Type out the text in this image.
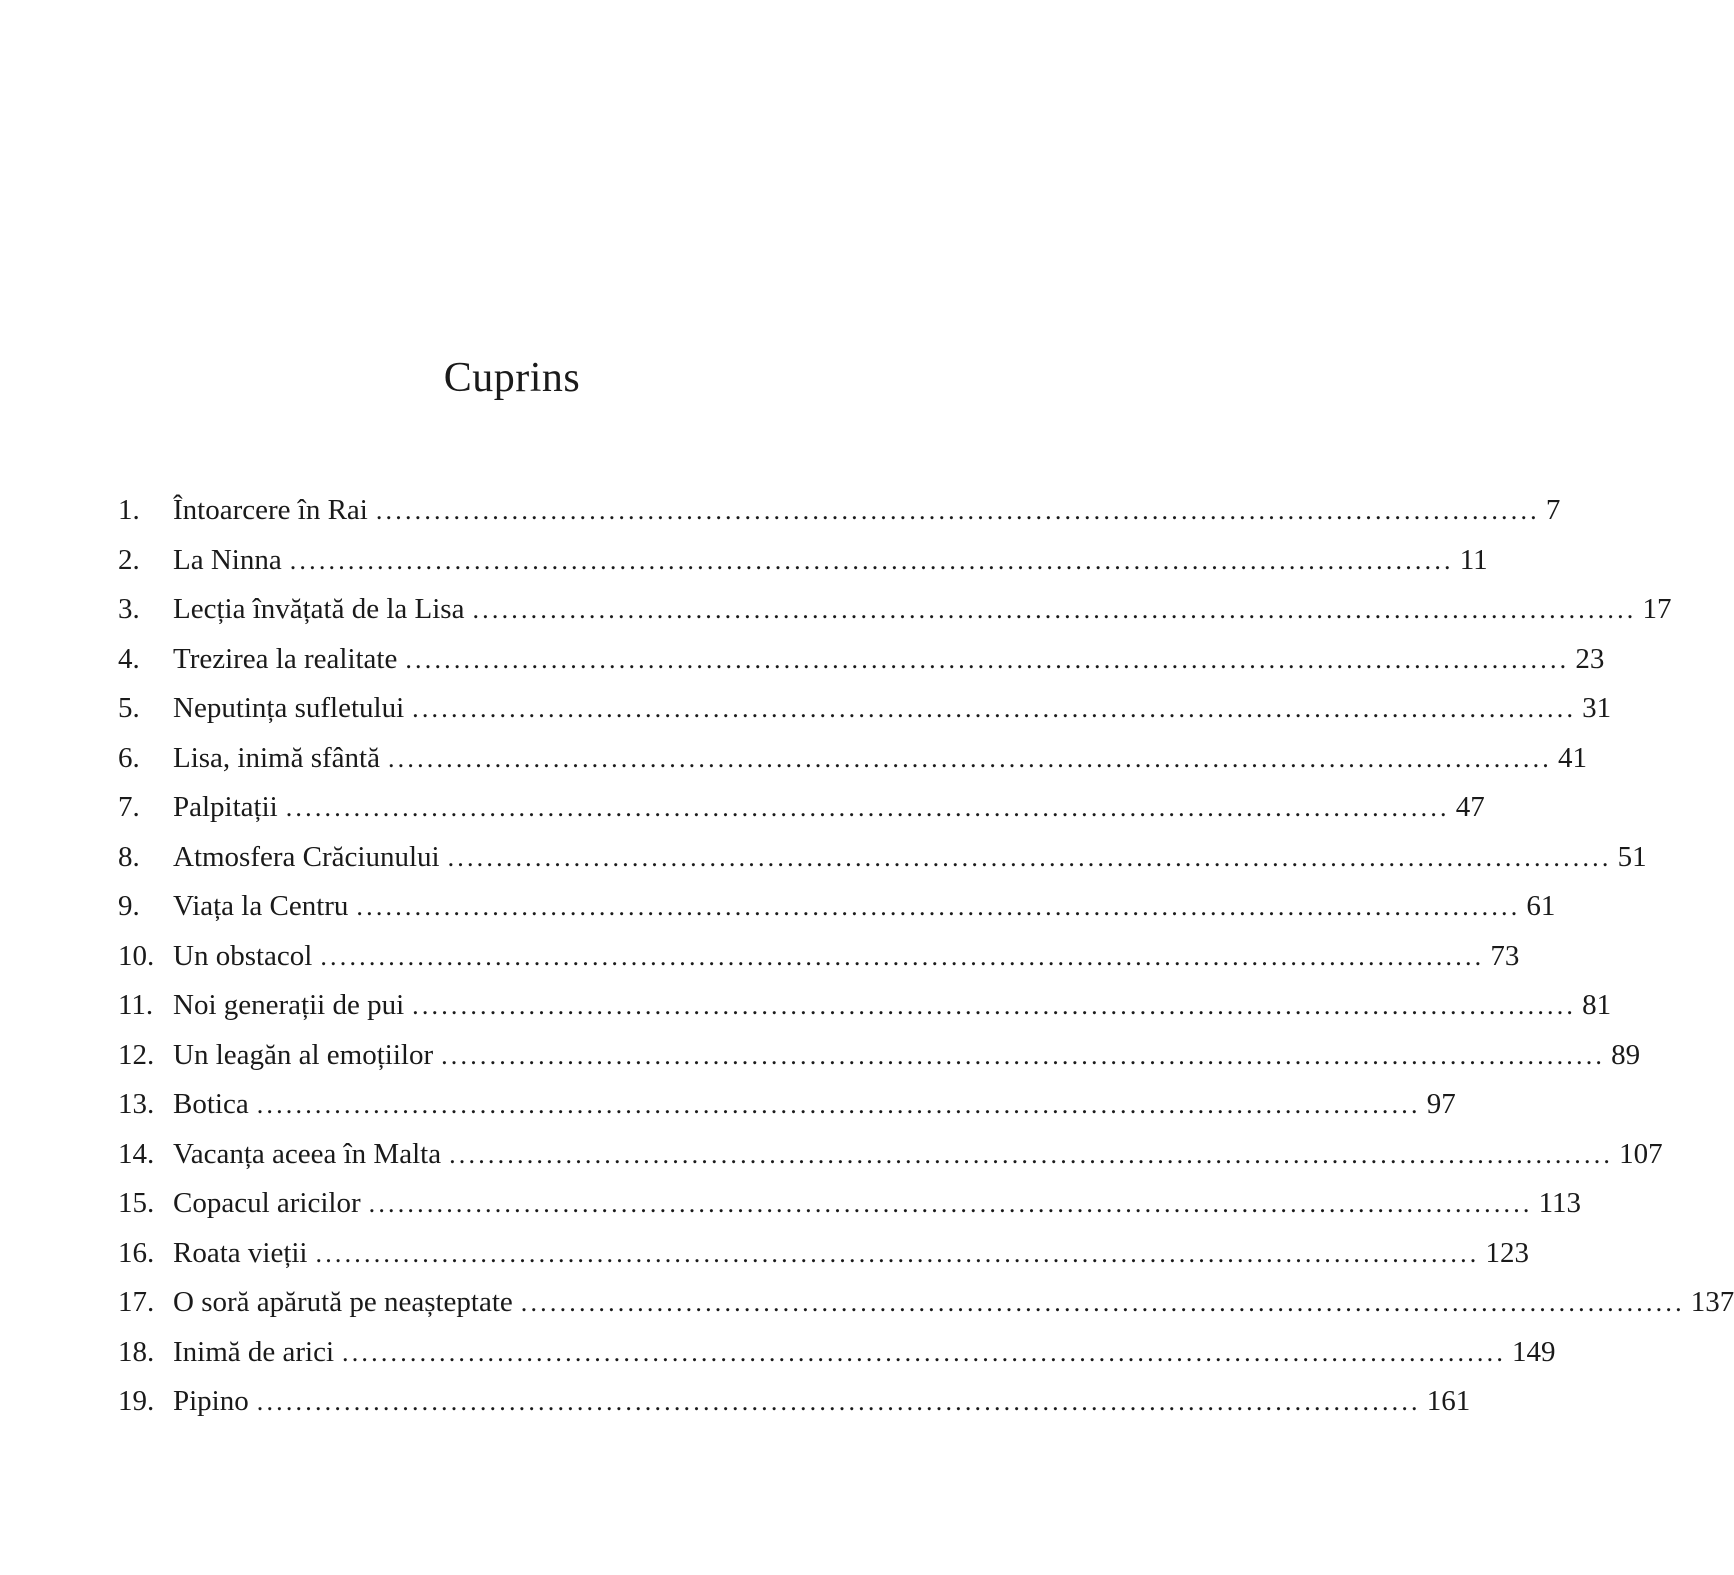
Cuprins
1.	Întoarcere în Rai ........................................................................................................................ 7
2.	La Ninna ........................................................................................................................ 11
3.	Lecția învățată de la Lisa ........................................................................................................................ 17
4.	Trezirea la realitate ........................................................................................................................ 23
5.	Neputința sufletului ........................................................................................................................ 31
6.	Lisa, inimă sfântă ........................................................................................................................ 41
7.	Palpitații ........................................................................................................................ 47
8.	Atmosfera Crăciunului ........................................................................................................................ 51
9.	Viața la Centru ........................................................................................................................ 61
10. Un obstacol ........................................................................................................................ 73
11. Noi generații de pui ........................................................................................................................ 81
12. Un leagăn al emoțiilor ........................................................................................................................ 89
13. Botica ........................................................................................................................ 97
14. Vacanța aceea în Malta ........................................................................................................................ 107
15. Copacul aricilor ........................................................................................................................ 113
16. Roata vieții ........................................................................................................................ 123
17. O soră apărută pe neașteptate ........................................................................................................................ 137
18. Inimă de arici ........................................................................................................................ 149
19. Pipino ........................................................................................................................ 161
